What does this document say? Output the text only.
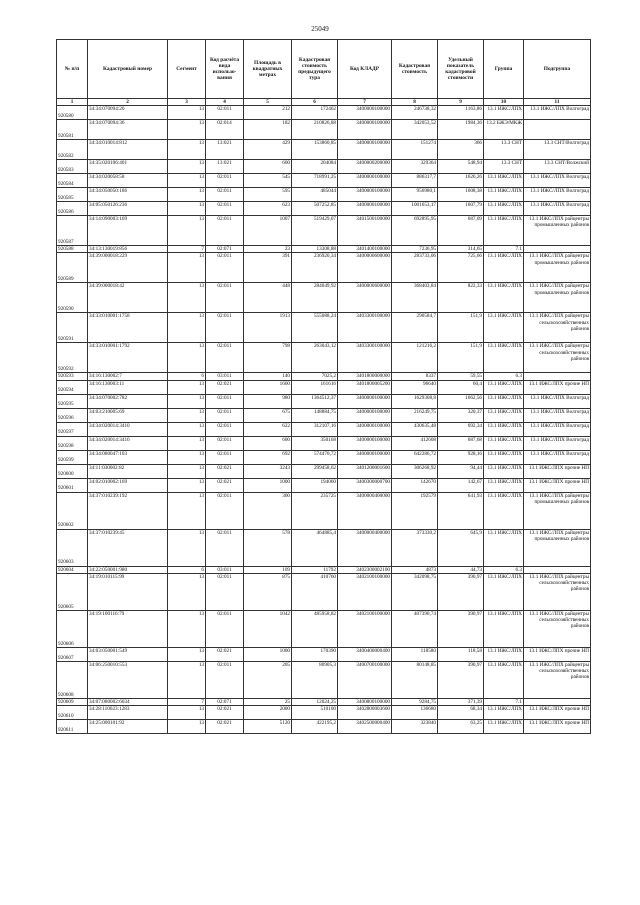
25049
№ п/п	Кадастровый номер	Сегмент	Код расчёта вида использо-вания	Площадь в квадратных метрах	Кадастровая стоимость предыдущего тура	Код КЛАДР	Кадастровая стоимость	Удельный показатель кадастровой стоимости	Группа	Подгруппа
1	2	3	4	5	6	7	8	9	10	11
920580	34:34:070094:20	13	02:011	212	172462	3400000100000	246738,32	1163,86	13.1 ИЖС/ЛПХ	13.1 ИЖС/ЛПХ Волгоград
920581	34:34:070094:36	13	02:014	182	210826,88	3400000100000	342053,52	1984,36	13.2 БЖЭ/МКЖ	
920582	34:34:010014:812	13	13:021	429	153860,85	3400000100000	151274	366	13.3 СНТ	13.3 СНТ/Волгоград
920583	34:35:020106:401	13	13:021	600	204084	3400000200000	329364	548,94	13.3 СНТ	13.3 СНТ/Волжский
920584	34:34:020058:58	13	02:011	545	718991,25	3400000100000	886317,7	1626,26	13.1 ИЖС/ЛПХ	13.1 ИЖС/ЛПХ Волгоград
920585	34:34:050050:186	13	02:011	595	485044	3400000100000	956980,1	1608,38	13.1 ИЖС/ЛПХ	13.1 ИЖС/ЛПХ Волгоград
920586	34:05:050126:236	13	02:011	623	507252,85	3400000100000	1001653,17	1607,79	13.1 ИЖС/ЛПХ	13.1 ИЖС/ЛПХ Волгоград
920587	34:14:090003:169	13	02:011	1007	519429,07	3401500100000	692895,95	687,09	13.1 ИЖС/ЛПХ	13.1 ИЖС/ЛПХ райцентры промышленных районов
920588	34:13:130019:856	7	02:071	23	13308,88	3401400100000	7236,95	314,65	7.1	
920589	34:39:000018:229	13	02:011	391	236920,34	3400000600000	283733,06	725,66	13.1 ИЖС/ЛПХ	13.1 ИЖС/ЛПХ райцентры промышленных районов
920590	34:39:000018:42	13	02:011	448	284049,92	3400000600000	368403,84	822,33	13.1 ИЖС/ЛПХ	13.1 ИЖС/ЛПХ райцентры промышленных районов
920591	34:33:010001:1758	13	02:011	1913	555088,24	3403300100000	290584,7	151,9	13.1 ИЖС/ЛПХ	13.1 ИЖС/ЛПХ райцентры сельскохозяйственных районов
920592	34:33:010001:1792	13	02:011	798	263043,12	3403300100000	121216,2	151,9	13.1 ИЖС/ЛПХ	13.1 ИЖС/ЛПХ райцентры сельскохозяйственных районов
920593	34:16:130002:7	6	03:011	140	7025,2	3401800000000	8337	59,55	6.3	
920594	34:16:130003:11	13	02:021	1600	161616	3401800005200	96640	60,4	13.1 ИЖС/ЛПХ	13.1 ИЖС/ЛПХ прочие НП
920595	34:34:070002:782	13	02:011	980	1364512,37	3400000100000	1629308,8	1662,56	13.1 ИЖС/ЛПХ	13.1 ИЖС/ЛПХ Волгоград
920596	34:03:210005:69	13	02:011	675	148884,75	3400000100000	216249,75	320,37	13.1 ИЖС/ЛПХ	13.1 ИЖС/ЛПХ Волгоград
920597	34:34:020014:3410	13	02:011	622	312107,16	3400000100000	430635,48	692,34	13.1 ИЖС/ЛПХ	13.1 ИЖС/ЛПХ Волгоград
920598	34:34:020014:3416	13	02:011	600	350168	3400000100000	412608	687,68	13.1 ИЖС/ЛПХ	13.1 ИЖС/ЛПХ Волгоград
920599	34:34:080047:103	13	02:011	692	574470,72	3400000100000	642286,72	928,16	13.1 ИЖС/ЛПХ	13.1 ИЖС/ЛПХ Волгоград
920600	34:11:030002:82	13	02:021	3243	299458,62	3401200001600	306268,92	94,44	13.1 ИЖС/ЛПХ	13.1 ИЖС/ЛПХ прочие НП
920601	34:02:010002:169	13	02:021	1000	194060	3400300000700	142670	142,67	13.1 ИЖС/ЛПХ	13.1 ИЖС/ЛПХ прочие НП
920602	34:37:010239:192	13	02:011	300	235725	3400000400000	192579	641,93	13.1 ИЖС/ЛПХ	13.1 ИЖС/ЛПХ райцентры промышленных районов
920603	34:37:010239:45	13	02:011	578	464885,4	3400000400000	373330,2	645,9	13.1 ИЖС/ЛПХ	13.1 ИЖС/ЛПХ райцентры промышленных районов
920604	34:22:050001:980	6	03:011	109	11792	3402300002100	4873	44,73	6.3	
920605	34:19:010115:99	13	02:011	875	410760	3402100100000	342098,75	390,97	13.1 ИЖС/ЛПХ	13.1 ИЖС/ЛПХ райцентры сельскохозяйственных районов
920606	34:19:100116:79	13	02:011	1042	485958,82	3402100100000	407390,74	390,97	13.1 ИЖС/ЛПХ	13.1 ИЖС/ЛПХ райцентры сельскохозяйственных районов
920607	34:03:050001:549	13	02:021	1000	170390	3400400000400	118580	118,58	13.1 ИЖС/ЛПХ	13.1 ИЖС/ЛПХ прочие НП
920608	34:06:250010:553	13	02:011	205	80905,3	3400700100000	80148,85	390,97	13.1 ИЖС/ЛПХ	13.1 ИЖС/ЛПХ райцентры сельскохозяйственных районов
920609	34:07:080002:6034	7	02:071	25	12024,25	3400800100000	9284,75	371,39	7.1	
920610	34:28:110023:1283	13	02:021	2000	510100	3402800003600	136680	68,34	13.1 ИЖС/ЛПХ	13.1 ИЖС/ЛПХ прочие НП
920611	34:25:000101:92	13	02:021	5120	422195,2	3402500000400	323840	63,25	13.1 ИЖС/ЛПХ	13.1 ИЖС/ЛПХ прочие НП
